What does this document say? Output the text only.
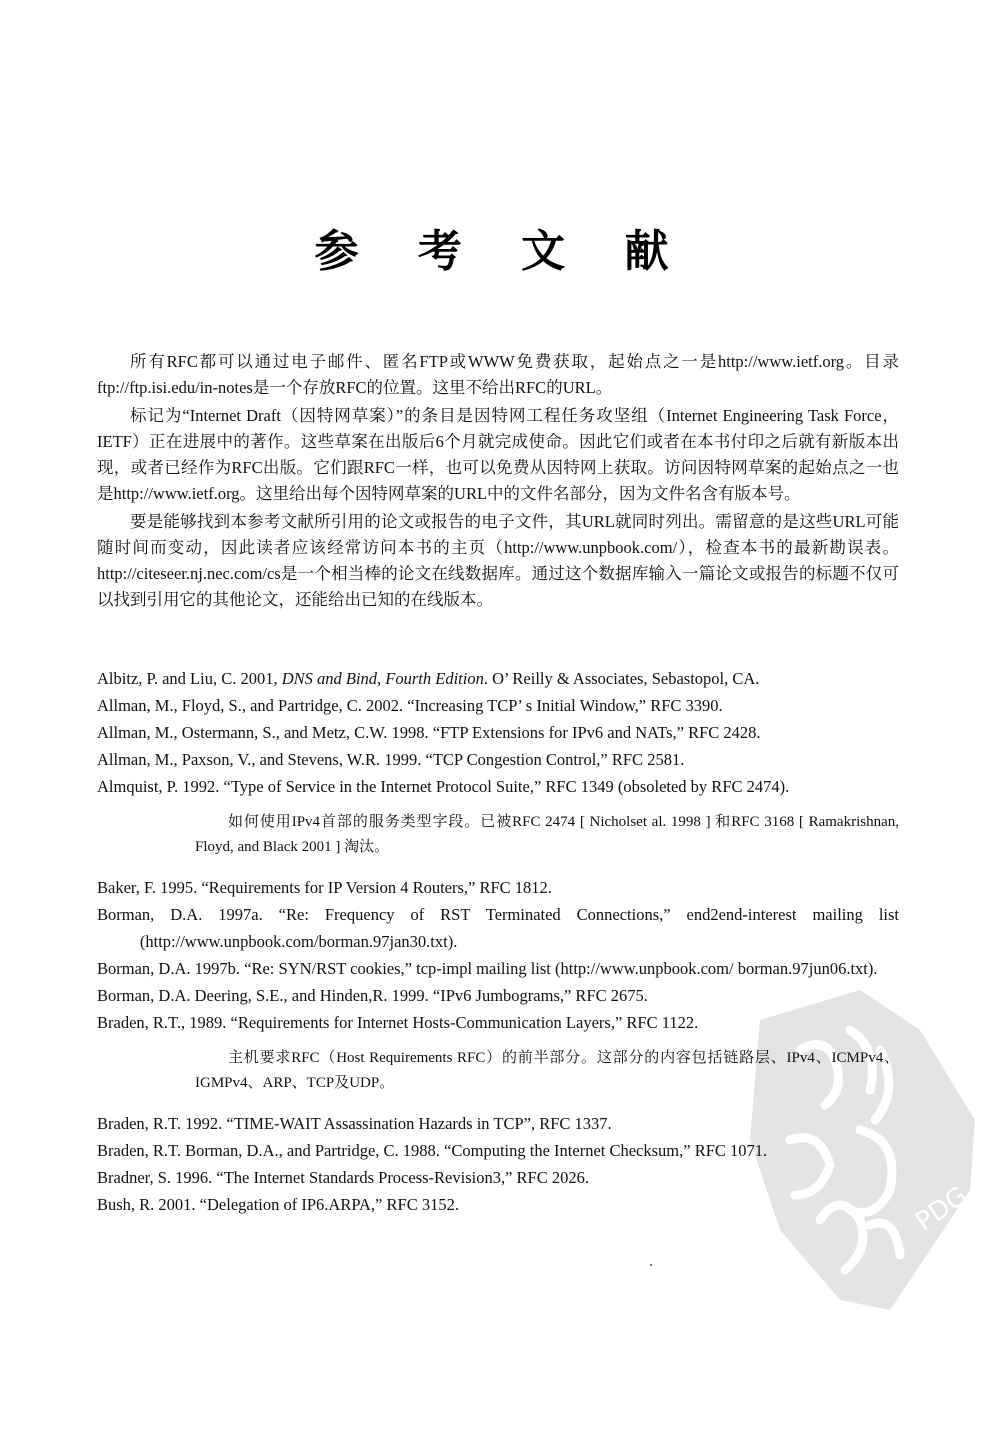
PDG
参 考 文 献

所有RFC都可以通过电子邮件、匿名FTP或WWW免费获取，起始点之一是http://www.ietf.org。目录ftp://ftp.isi.edu/in-notes是一个存放RFC的位置。这里不给出RFC的URL。

标记为“Internet Draft（因特网草案）”的条目是因特网工程任务攻坚组（Internet Engineering Task Force，IETF）正在进展中的著作。这些草案在出版后6个月就完成使命。因此它们或者在本书付印之后就有新版本出现，或者已经作为RFC出版。它们跟RFC一样，也可以免费从因特网上获取。访问因特网草案的起始点之一也是http://www.ietf.org。这里给出每个因特网草案的URL中的文件名部分，因为文件名含有版本号。

要是能够找到本参考文献所引用的论文或报告的电子文件，其URL就同时列出。需留意的是这些URL可能随时间而变动，因此读者应该经常访问本书的主页（http://www.unpbook.com/），检查本书的最新勘误表。http://citeseer.nj.nec.com/cs是一个相当棒的论文在线数据库。通过这个数据库输入一篇论文或报告的标题不仅可以找到引用它的其他论文，还能给出已知的在线版本。

Albitz, P. and Liu, C. 2001, DNS and Bind, Fourth Edition. O’ Reilly & Associates, Sebastopol, CA.
Allman, M., Floyd, S., and Partridge, C. 2002. “Increasing TCP’ s Initial Window,” RFC 3390.
Allman, M., Ostermann, S., and Metz, C.W. 1998. “FTP Extensions for IPv6 and NATs,” RFC 2428.
Allman, M., Paxson, V., and Stevens, W.R. 1999. “TCP Congestion Control,” RFC 2581.
Almquist, P. 1992. “Type of Service in the Internet Protocol Suite,” RFC 1349 (obsoleted by RFC 2474).
如何使用IPv4首部的服务类型字段。已被RFC 2474 [ Nicholset al. 1998 ] 和RFC 3168 [ Ramakrishnan, Floyd, and Black 2001 ] 淘汰。
Baker, F. 1995. “Requirements for IP Version 4 Routers,” RFC 1812.
Borman, D.A. 1997a. “Re: Frequency of RST Terminated Connections,” end2end-interest mailing list (http://www.unpbook.com/borman.97jan30.txt).
Borman, D.A. 1997b. “Re: SYN/RST cookies,” tcp-impl mailing list (http://www.unpbook.com/ borman.97jun06.txt).
Borman, D.A. Deering, S.E., and Hinden,R. 1999. “IPv6 Jumbograms,” RFC 2675.
Braden, R.T., 1989. “Requirements for Internet Hosts-Communication Layers,” RFC 1122.
主机要求RFC（Host Requirements RFC）的前半部分。这部分的内容包括链路层、IPv4、ICMPv4、IGMPv4、ARP、TCP及UDP。
Braden, R.T. 1992. “TIME-WAIT Assassination Hazards in TCP”, RFC 1337.
Braden, R.T. Borman, D.A., and Partridge, C. 1988. “Computing the Internet Checksum,” RFC 1071.
Bradner, S. 1996. “The Internet Standards Process-Revision3,” RFC 2026.
Bush, R. 2001. “Delegation of IP6.ARPA,” RFC 3152.
